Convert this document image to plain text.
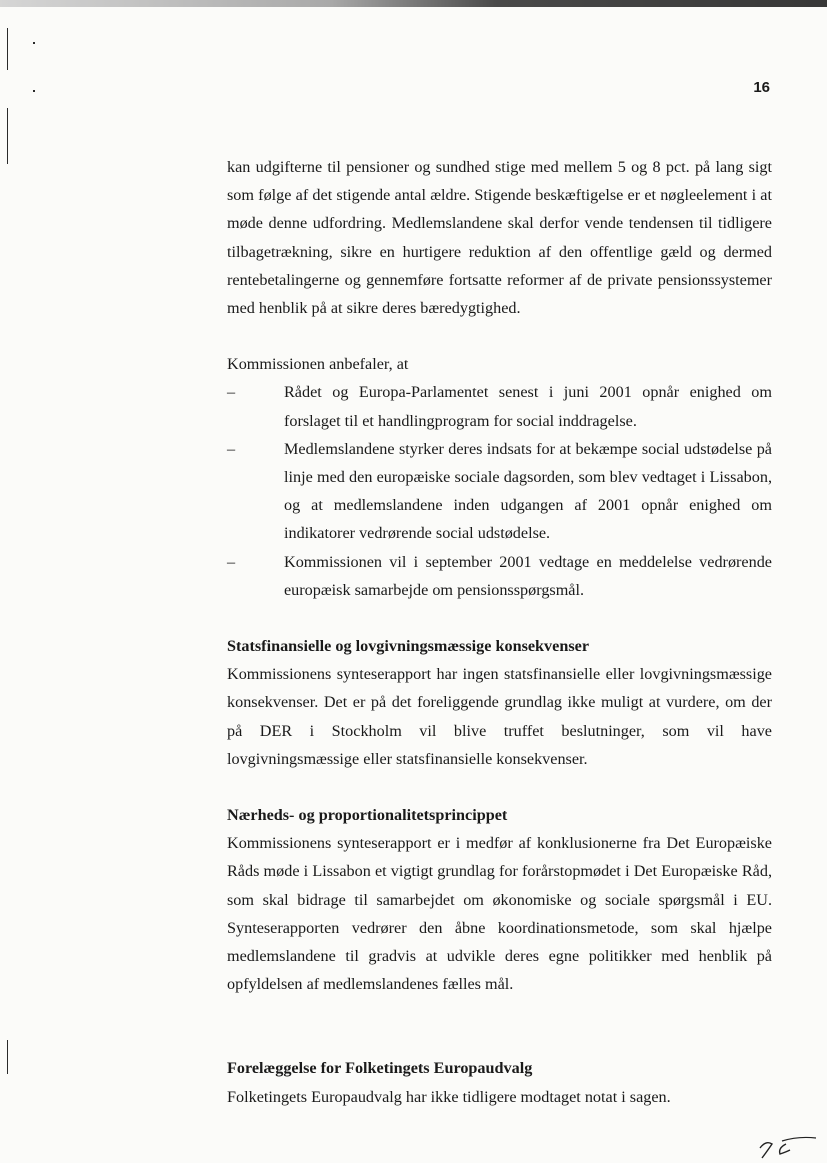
16

kan udgifterne til pensioner og sundhed stige med mellem 5 og 8 pct. på lang sigt som følge af det stigende antal ældre. Stigende beskæftigelse er et nøgleelement i at møde denne udfordring. Medlemslandene skal derfor vende tendensen til tidligere tilbagetrækning, sikre en hurtigere reduktion af den offentlige gæld og dermed rentebetalingerne og gennemføre fortsatte reformer af de private pensionssystemer med henblik på at sikre deres bæredygtighed.

Kommissionen anbefaler, at

–	Rådet og Europa-Parlamentet senest i juni 2001 opnår enighed om forslaget til et handlingprogram for social inddragelse.
–	Medlemslandene styrker deres indsats for at bekæmpe social udstødelse på linje med den europæiske sociale dagsorden, som blev vedtaget i Lissabon, og at medlemslandene inden udgangen af 2001 opnår enighed om indikatorer vedrørende social udstødelse.
–	Kommissionen vil i september 2001 vedtage en meddelelse vedrørende europæisk samarbejde om pensionsspørgsmål.
Statsfinansielle og lovgivningsmæssige konsekvenser

Kommissionens synteserapport har ingen statsfinansielle eller lovgivningsmæssige konsekvenser. Det er på det foreliggende grundlag ikke muligt at vurdere, om der på DER i Stockholm vil blive truffet beslutninger, som vil have lovgivningsmæssige eller statsfinansielle konsekvenser.

Nærheds- og proportionalitetsprincippet

Kommissionens synteserapport er i medfør af konklusionerne fra Det Europæiske Råds møde i Lissabon et vigtigt grundlag for forårstopmødet i Det Europæiske Råd, som skal bidrage til samarbejdet om økonomiske og sociale spørgsmål i EU. Synteserapporten vedrører den åbne koordinationsmetode, som skal hjælpe medlemslandene til gradvis at udvikle deres egne politikker med henblik på opfyldelsen af medlemslandenes fælles mål.

Forelæggelse for Folketingets Europaudvalg

Folketingets Europaudvalg har ikke tidligere modtaget notat i sagen.
